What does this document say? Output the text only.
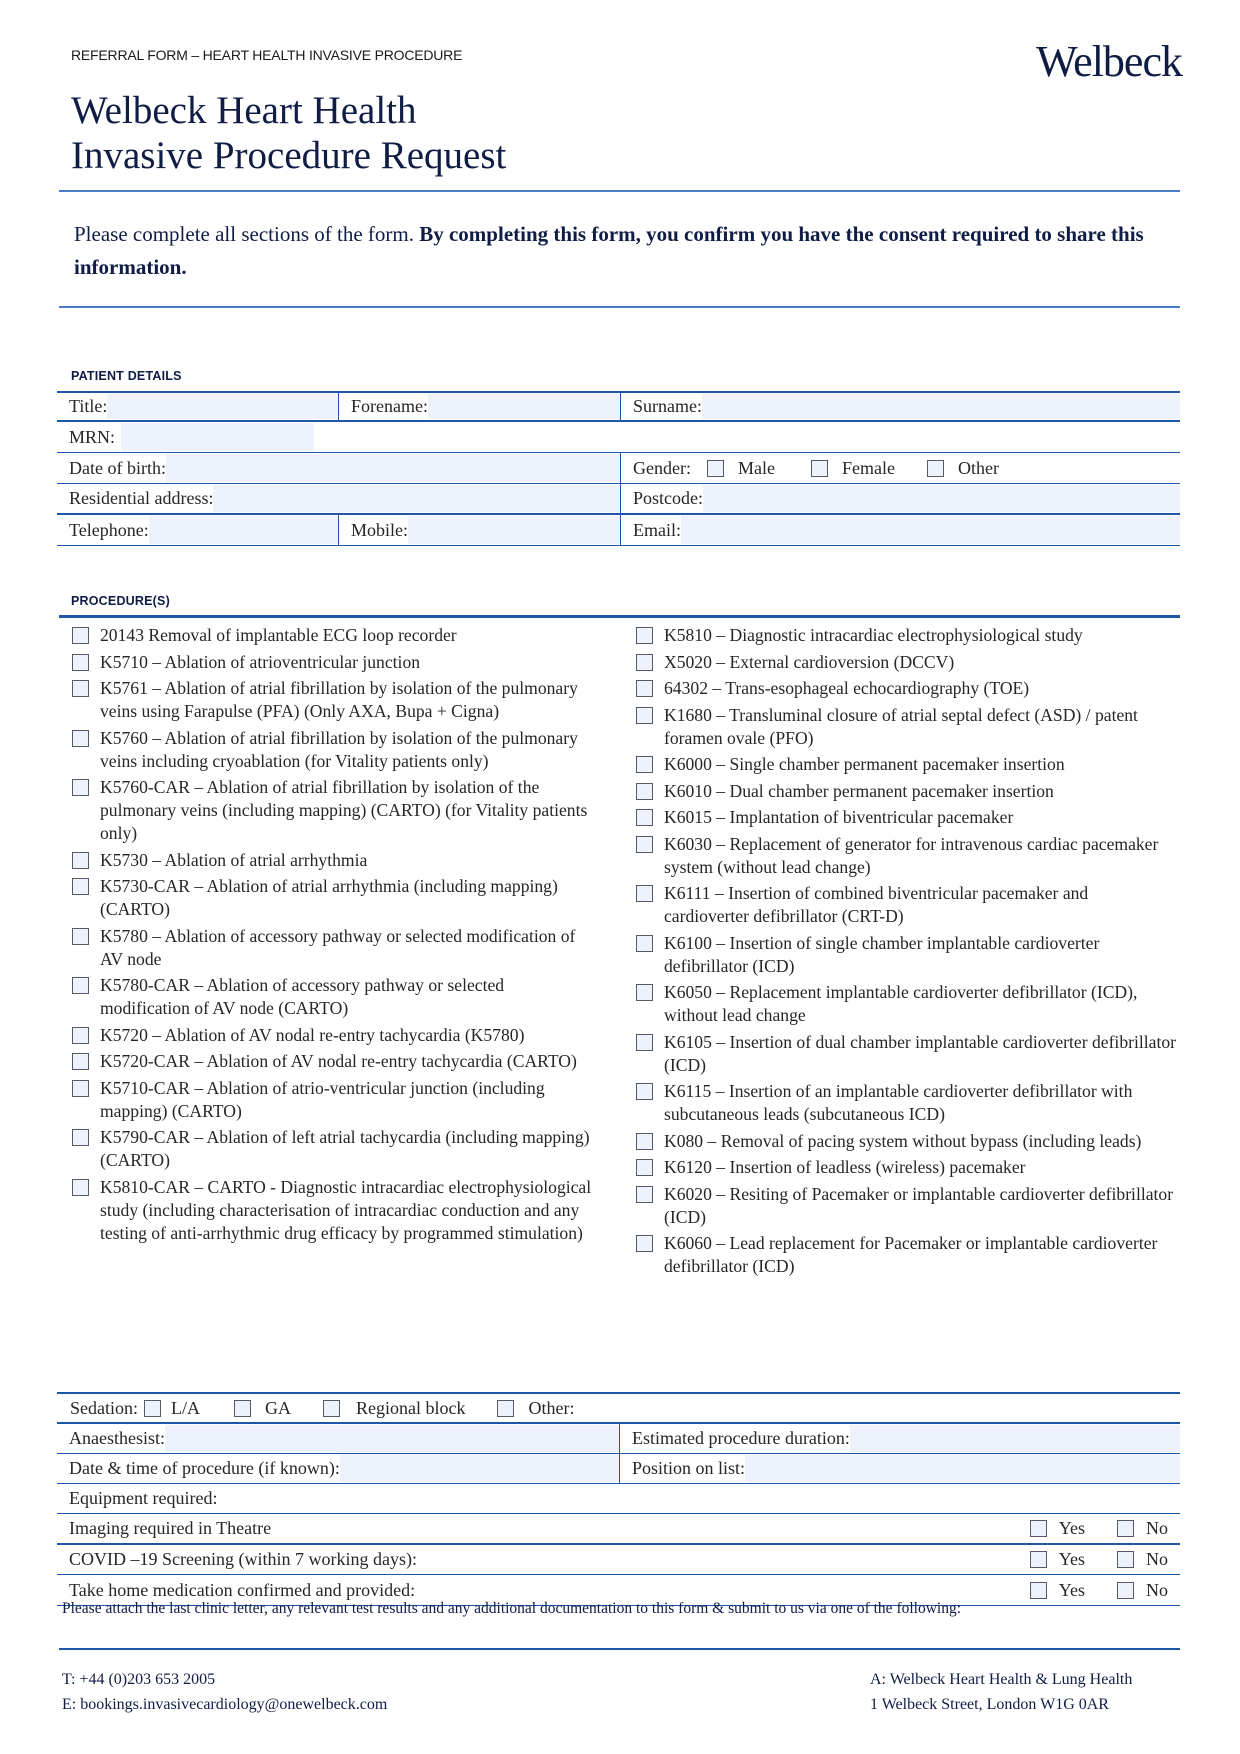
REFERRAL FORM – HEART HEALTH INVASIVE PROCEDURE	Welbeck
Welbeck Heart Health
Invasive Procedure Request
Please complete all sections of the form. By completing this form, you confirm you have the consent required to share this information.
PATIENT DETAILS
Title:	Forename:	Surname:
MRN:
Date of birth:	Gender:	Male	Female	Other
Residential address:	Postcode:
Telephone:	Mobile:	Email:
PROCEDURE(S)
20143 Removal of implantable ECG loop recorder
K5710 – Ablation of atrioventricular junction
K5761 – Ablation of atrial fibrillation by isolation of the pulmonary veins using Farapulse (PFA) (Only AXA, Bupa + Cigna)
K5760 – Ablation of atrial fibrillation by isolation of the pulmonary veins including cryoablation (for Vitality patients only)
K5760-CAR – Ablation of atrial fibrillation by isolation of the pulmonary veins (including mapping) (CARTO) (for Vitality patients only)
K5730 – Ablation of atrial arrhythmia
K5730-CAR – Ablation of atrial arrhythmia (including mapping) (CARTO)
K5780 – Ablation of accessory pathway or selected modification of AV node
K5780-CAR – Ablation of accessory pathway or selected modification of AV node (CARTO)
K5720 – Ablation of AV nodal re-entry tachycardia (K5780)
K5720-CAR – Ablation of AV nodal re-entry tachycardia (CARTO)
K5710-CAR – Ablation of atrio-ventricular junction (including mapping) (CARTO)
K5790-CAR – Ablation of left atrial tachycardia (including mapping) (CARTO)
K5810-CAR – CARTO - Diagnostic intracardiac electrophysiological study (including characterisation of intracardiac conduction and any testing of anti-arrhythmic drug efficacy by programmed stimulation)
K5810 – Diagnostic intracardiac electrophysiological study
X5020 – External cardioversion (DCCV)
64302 – Trans-esophageal echocardiography (TOE)
K1680 – Transluminal closure of atrial septal defect (ASD) / patent foramen ovale (PFO)
K6000 – Single chamber permanent pacemaker insertion
K6010 – Dual chamber permanent pacemaker insertion
K6015 – Implantation of biventricular pacemaker
K6030 – Replacement of generator for intravenous cardiac pacemaker system (without lead change)
K6111 – Insertion of combined biventricular pacemaker and cardioverter defibrillator (CRT-D)
K6100 – Insertion of single chamber implantable cardioverter defibrillator (ICD)
K6050 – Replacement implantable cardioverter defibrillator (ICD), without lead change
K6105 – Insertion of dual chamber implantable cardioverter defibrillator (ICD)
K6115 – Insertion of an implantable cardioverter defibrillator with subcutaneous leads (subcutaneous ICD)
K080 – Removal of pacing system without bypass (including leads)
K6120 – Insertion of leadless (wireless) pacemaker
K6020 – Resiting of Pacemaker or implantable cardioverter defibrillator (ICD)
K6060 – Lead replacement for Pacemaker or implantable cardioverter defibrillator (ICD)
Sedation: L/A	GA	Regional block	Other:
Anaesthesist:	Estimated procedure duration:
Date & time of procedure (if known):	Position on list:
Equipment required:
Imaging required in Theatre	Yes	No
COVID –19 Screening (within 7 working days):	Yes	No
Take home medication confirmed and provided:	Yes	No
Please attach the last clinic letter, any relevant test results and any additional documentation to this form & submit to us via one of the following:
T: +44 (0)203 653 2005
E: bookings.invasivecardiology@onewelbeck.com
A: Welbeck Heart Health & Lung Health
1 Welbeck Street, London W1G 0AR
